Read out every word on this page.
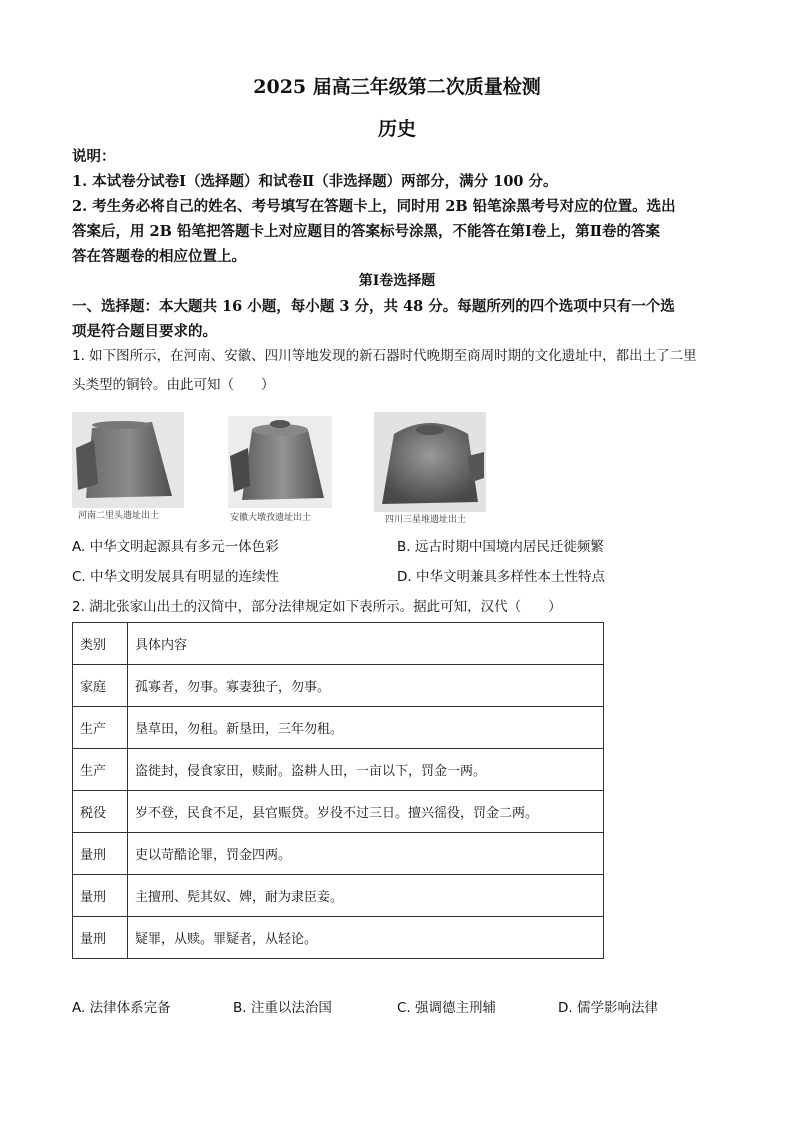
2025 届高三年级第二次质量检测
历史
说明：
1. 本试卷分试卷Ⅰ（选择题）和试卷Ⅱ（非选择题）两部分，满分 100 分。
2. 考生务必将自己的姓名、考号填写在答题卡上，同时用 2B 铅笔涂黑考号对应的位置。选出
答案后，用 2B 铅笔把答题卡上对应题目的答案标号涂黑，不能答在第Ⅰ卷上，第Ⅱ卷的答案
答在答题卷的相应位置上。
第Ⅰ卷选择题
一、选择题：本大题共 16 小题，每小题 3 分，共 48 分。每题所列的四个选项中只有一个选
项是符合题目要求的。
1. 如下图所示，在河南、安徽、四川等地发现的新石器时代晚期至商周时期的文化遗址中，都出土了二里
头类型的铜铃。由此可知（　　）
河南二里头遗址出土	安徽大墩孜遗址出土	四川三星堆遗址出土
A. 中华文明起源具有多元一体色彩	B. 远古时期中国境内居民迁徙频繁
C. 中华文明发展具有明显的连续性	D. 中华文明兼具多样性本土性特点
2. 湖北张家山出土的汉简中，部分法律规定如下表所示。据此可知，汉代（　　）
类别	具体内容
家庭	孤寡者，勿事。寡妻独子，勿事。
生产	垦草田，勿租。新垦田，三年勿租。
生产	盗徙封，侵食家田，赎耐。盗耕人田，一亩以下，罚金一两。
税役	岁不登，民食不足，县官赈贷。岁役不过三日。擅兴徭役，罚金二两。
量刑	吏以苛酷论罪，罚金四两。
量刑	主擅刑、髡其奴、婢，耐为隶臣妾。
量刑	疑罪，从赎。罪疑者，从轻论。
A. 法律体系完备	B. 注重以法治国	C. 强调德主刑辅	D. 儒学影响法律
